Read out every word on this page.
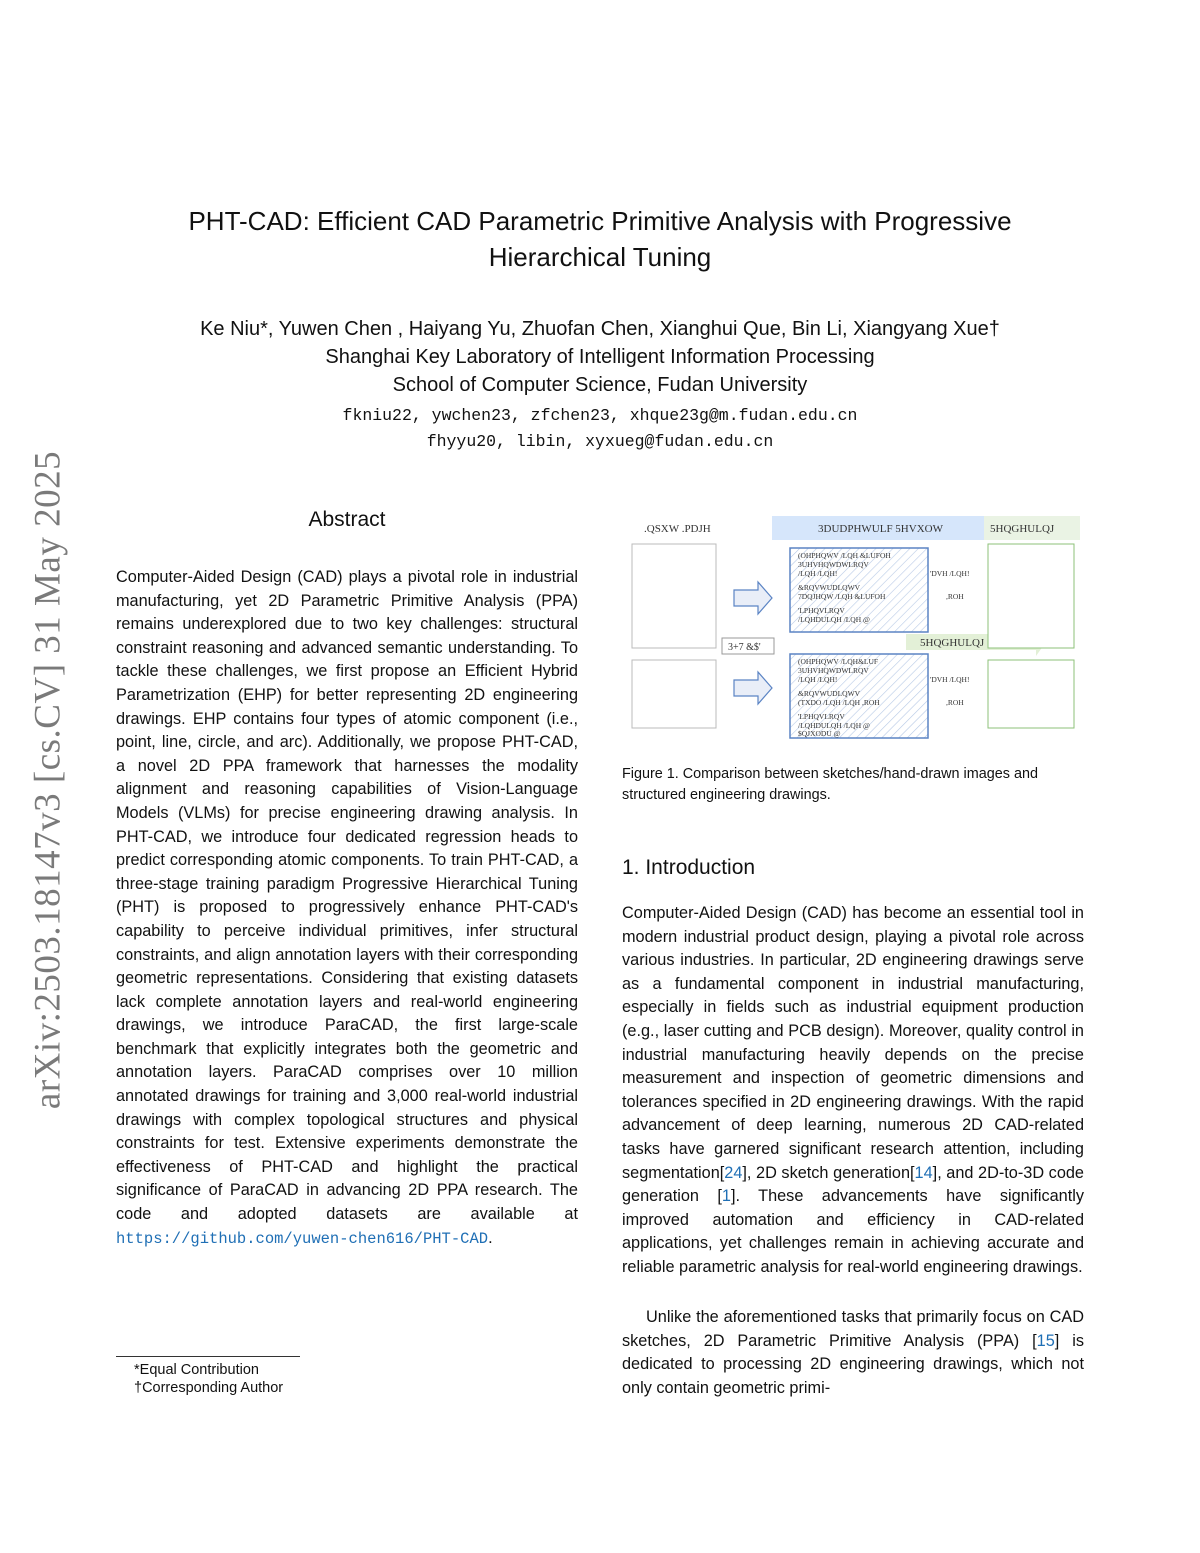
arXiv:2503.18147v3 [cs.CV] 31 May 2025
PHT-CAD: Efficient CAD Parametric Primitive Analysis with Progressive
Hierarchical Tuning
Ke Niu*, Yuwen Chen , Haiyang Yu, Zhuofan Chen, Xianghui Que, Bin Li, Xiangyang Xue†
Shanghai Key Laboratory of Intelligent Information Processing
School of Computer Science, Fudan University
fkniu22, ywchen23, zfchen23, xhque23g@m.fudan.edu.cn
fhyyu20, libin, xyxueg@fudan.edu.cn
Abstract
Computer-Aided Design (CAD) plays a pivotal role in industrial manufacturing, yet 2D Parametric Primitive Analysis (PPA) remains underexplored due to two key challenges: structural constraint reasoning and advanced semantic understanding. To tackle these challenges, we first propose an Efficient Hybrid Parametrization (EHP) for better representing 2D engineering drawings. EHP contains four types of atomic component (i.e., point, line, circle, and arc). Additionally, we propose PHT-CAD, a novel 2D PPA framework that harnesses the modality alignment and reasoning capabilities of Vision-Language Models (VLMs) for precise engineering drawing analysis. In PHT-CAD, we introduce four dedicated regression heads to predict corresponding atomic components. To train PHT-CAD, a three-stage training paradigm Progressive Hierarchical Tuning (PHT) is proposed to progressively enhance PHT-CAD's capability to perceive individual primitives, infer structural constraints, and align annotation layers with their corresponding geometric representations. Considering that existing datasets lack complete annotation layers and real-world engineering drawings, we introduce ParaCAD, the first large-scale benchmark that explicitly integrates both the geometric and annotation layers. ParaCAD comprises over 10 million annotated drawings for training and 3,000 real-world industrial drawings with complex topological structures and physical constraints for test. Extensive experiments demonstrate the effectiveness of PHT-CAD and highlight the practical significance of ParaCAD in advancing 2D PPA research. The code and adopted datasets are available at https://github.com/yuwen-chen616/PHT-CAD.
*Equal Contribution
†Corresponding Author
.QSXW .PDJH	3DUDPHWULF 5HVXOW	5HQGHULQJ
3+7 &$'
(OHPHQWV /LQH &LUFOH 3UHVHQWDWLRQV /LQH /LQH! &RQVWUDLQWV 7DQJHQW /LQH &LUFOH 'LPHQVLRQV /LQHDULQH /LQH @
'DVH /LQH! ,ROH
(OHPHQWV /LQH&LUF 3UHVHQWDWLRQV /LQH /LQH! &RQVWUDLQWV (TXDO /LQH /LQH ,ROH 'LPHQVLRQV /LQHDULQH /LQH @ $QJXODU @
'DVH /LQH! ,ROH
5HQGHULQJ
Figure 1. Comparison between sketches/hand-drawn images and structured engineering drawings.
1. Introduction

Computer-Aided Design (CAD) has become an essential tool in modern industrial product design, playing a pivotal role across various industries. In particular, 2D engineering drawings serve as a fundamental component in industrial manufacturing, especially in fields such as industrial equipment production (e.g., laser cutting and PCB design). Moreover, quality control in industrial manufacturing heavily depends on the precise measurement and inspection of geometric dimensions and tolerances specified in 2D engineering drawings. With the rapid advancement of deep learning, numerous 2D CAD-related tasks have garnered significant research attention, including segmentation[24], 2D sketch generation[14], and 2D-to-3D code generation [1]. These advancements have significantly improved automation and efficiency in CAD-related applications, yet challenges remain in achieving accurate and reliable parametric analysis for real-world engineering drawings.

Unlike the aforementioned tasks that primarily focus on CAD sketches, 2D Parametric Primitive Analysis (PPA) [15] is dedicated to processing 2D engineering drawings, which not only contain geometric primi-
